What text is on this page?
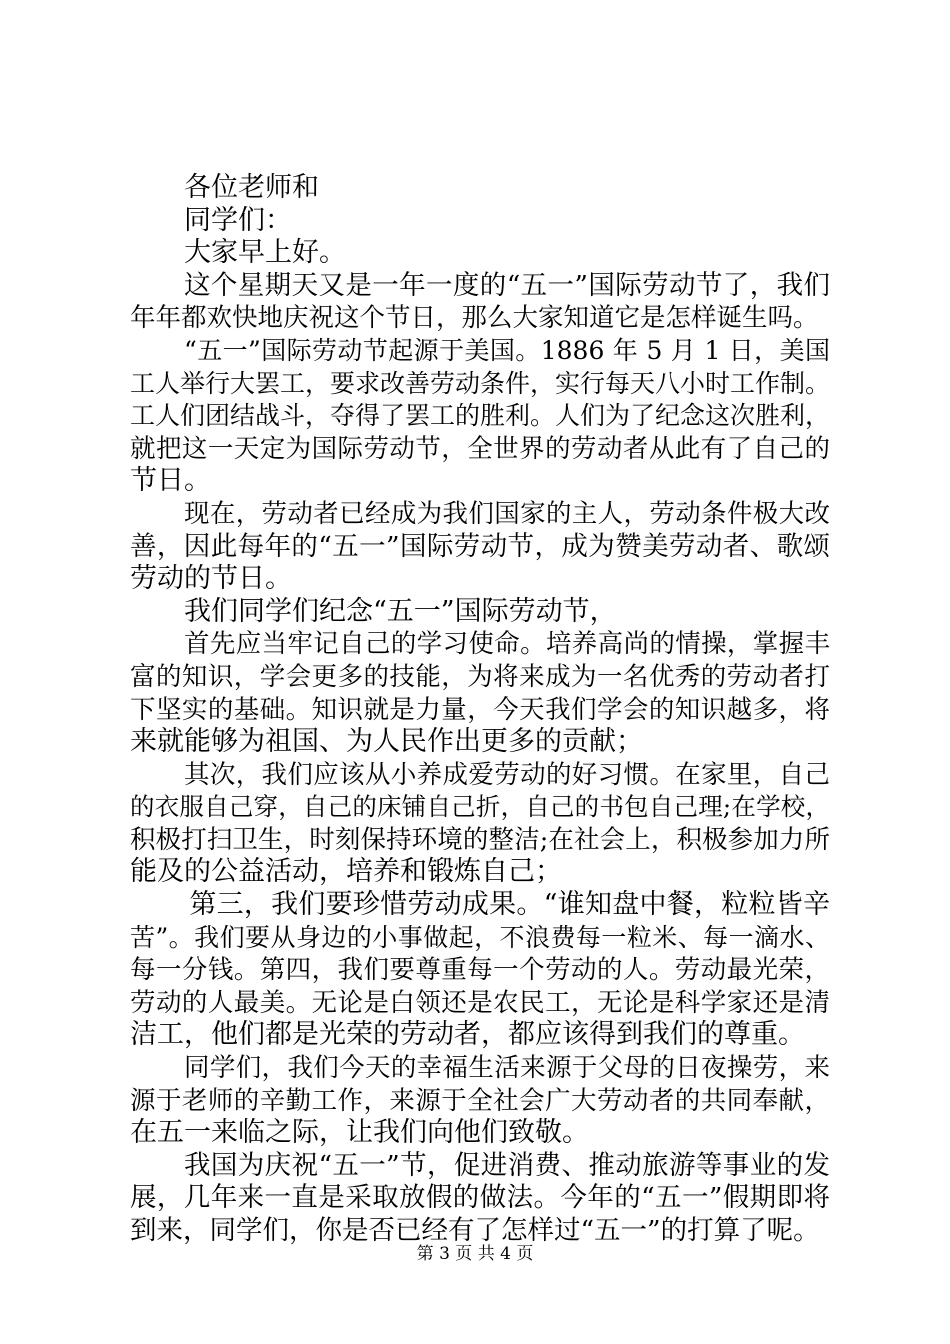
各位老师和
同学们：
大家早上好。
这个星期天又是一年一度的“五一”国际劳动节了，我们
年年都欢快地庆祝这个节日，那么大家知道它是怎样诞生吗。
“五一”国际劳动节起源于美国。1886 年 5 月 1 日，美国
工人举行大罢工，要求改善劳动条件，实行每天八小时工作制。
工人们团结战斗，夺得了罢工的胜利。人们为了纪念这次胜利，
就把这一天定为国际劳动节，全世界的劳动者从此有了自己的
节日。
现在，劳动者已经成为我们国家的主人，劳动条件极大改
善，因此每年的“五一”国际劳动节，成为赞美劳动者、歌颂
劳动的节日。
我们同学们纪念“五一”国际劳动节，
首先应当牢记自己的学习使命。培养高尚的情操，掌握丰
富的知识，学会更多的技能，为将来成为一名优秀的劳动者打
下坚实的基础。知识就是力量，今天我们学会的知识越多，将
来就能够为祖国、为人民作出更多的贡献；
其次，我们应该从小养成爱劳动的好习惯。在家里，自己
的衣服自己穿，自己的床铺自己折，自己的书包自己理;在学校，
积极打扫卫生，时刻保持环境的整洁;在社会上，积极参加力所
能及的公益活动，培养和锻炼自己；
第三，我们要珍惜劳动成果。“谁知盘中餐，粒粒皆辛
苦”。我们要从身边的小事做起，不浪费每一粒米、每一滴水、
每一分钱。第四，我们要尊重每一个劳动的人。劳动最光荣，
劳动的人最美。无论是白领还是农民工，无论是科学家还是清
洁工，他们都是光荣的劳动者，都应该得到我们的尊重。
同学们，我们今天的幸福生活来源于父母的日夜操劳，来
源于老师的辛勤工作，来源于全社会广大劳动者的共同奉献，
在五一来临之际，让我们向他们致敬。
我国为庆祝“五一”节，促进消费、推动旅游等事业的发
展，几年来一直是采取放假的做法。今年的“五一”假期即将
到来，同学们，你是否已经有了怎样过“五一”的打算了呢。
第 3 页 共 4 页
